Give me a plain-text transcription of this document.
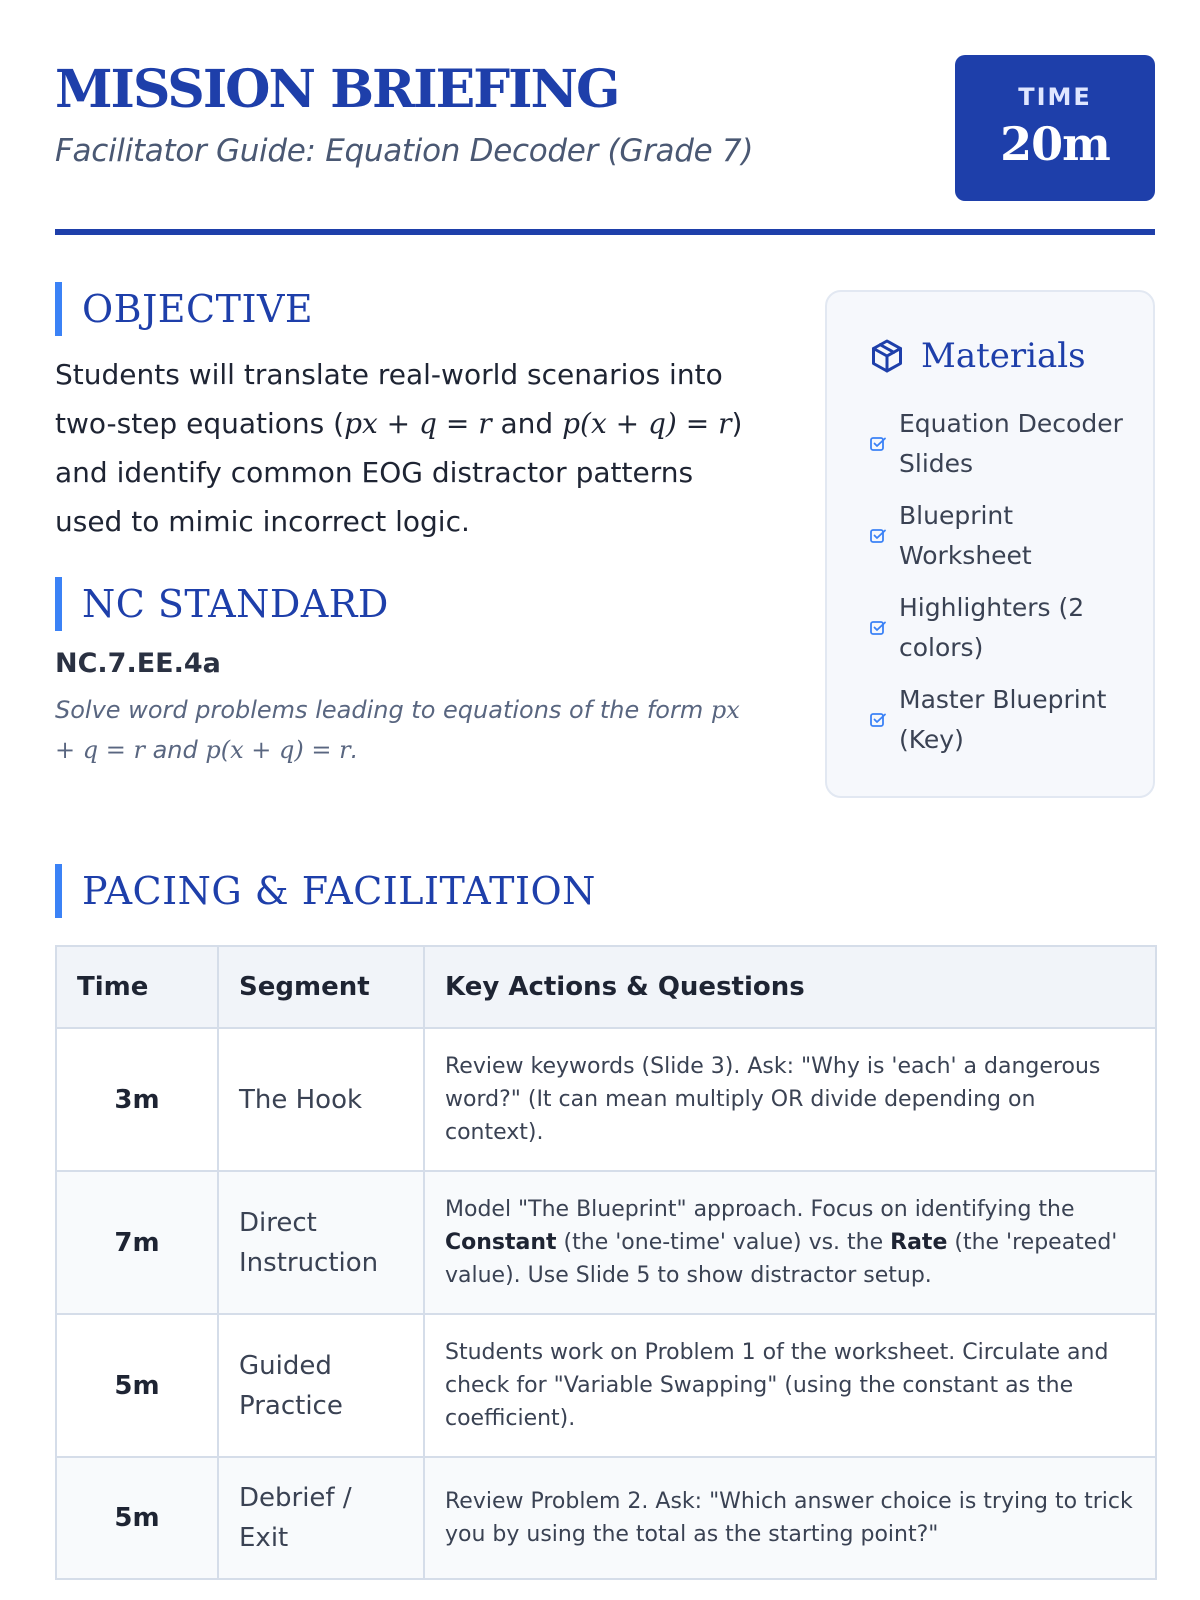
MISSION BRIEFING
Facilitator Guide: Equation Decoder (Grade 7)
TIME
20m
OBJECTIVE

Students will translate real-world scenarios into two-step equations (px + q = r and p(x + q) = r) and identify common EOG distractor patterns used to mimic incorrect logic.

NC STANDARD
NC.7.EE.4a

Solve word problems leading to equations of the form px + q = r and p(x + q) = r.

Materials
Equation Decoder Slides
Blueprint Worksheet
Highlighters (2 colors)
Master Blueprint (Key)
PACING & FACILITATION
Time	Segment	Key Actions & Questions
3m	The Hook	Review keywords (Slide 3). Ask: "Why is 'each' a dangerous word?" (It can mean multiply OR divide depending on context).
7m	Direct Instruction	Model "The Blueprint" approach. Focus on identifying the Constant (the 'one-time' value) vs. the Rate (the 'repeated' value). Use Slide 5 to show distractor setup.
5m	Guided Practice	Students work on Problem 1 of the worksheet. Circulate and check for "Variable Swapping" (using the constant as the coefficient).
5m	Debrief / Exit	Review Problem 2. Ask: "Which answer choice is trying to trick you by using the total as the starting point?"
